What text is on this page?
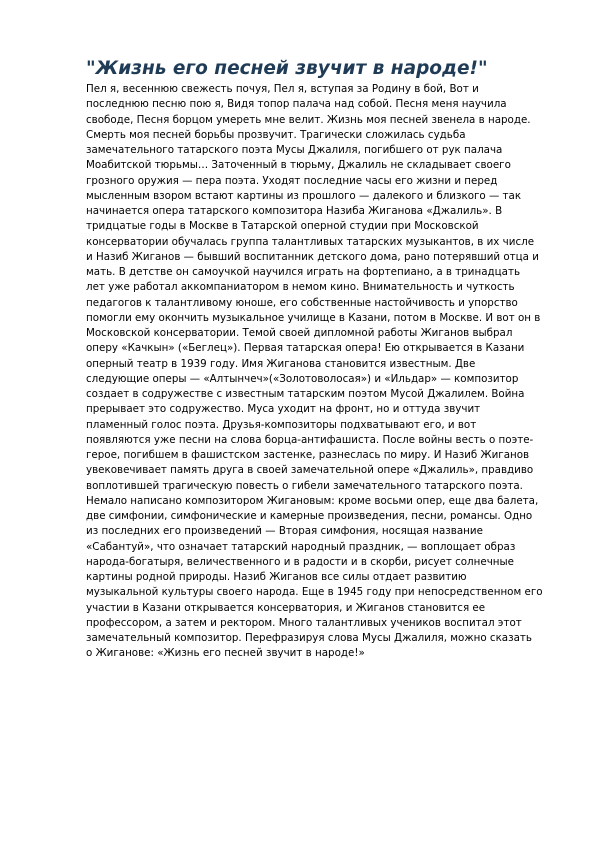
"Жизнь его песней звучит в народе!"

Пел я, весеннюю свежесть почуя, Пел я, вступая за Родину в бой, Вот и
последнюю песню пою я, Видя топор палача над собой. Песня меня научила
свободе, Песня борцом умереть мне велит. Жизнь моя песней звенела в народе.
Смерть моя песней борьбы прозвучит. Трагически сложилась судьба
замечательного татарского поэта Мусы Джалиля, погибшего от рук палача
Моабитской тюрьмы… Заточенный в тюрьму, Джалиль не складывает своего
грозного оружия — пера поэта. Уходят последние часы его жизни и перед
мысленным взором встают картины из прошлого — далекого и близкого — так
начинается опера татарского композитора Назиба Жиганова «Джалиль». В
тридцатые годы в Москве в Татарской оперной студии при Московской
консерватории обучалась группа талантливых татарских музыкантов, в их числе
и Назиб Жиганов — бывший воспитанник детского дома, рано потерявший отца и
мать. В детстве он самоучкой научился играть на фортепиано, а в тринадцать
лет уже работал аккомпаниатором в немом кино. Внимательность и чуткость
педагогов к талантливому юноше, его собственные настойчивость и упорство
помогли ему окончить музыкальное училище в Казани, потом в Москве. И вот он в
Московской консерватории. Темой своей дипломной работы Жиганов выбрал
оперу «Качкын» («Беглец»). Первая татарская опера! Ею открывается в Казани
оперный театр в 1939 году. Имя Жиганова становится известным. Две
следующие оперы — «Алтынчеч»(«Золотоволосая») и «Ильдар» — композитор
создает в содружестве с известным татарским поэтом Мусой Джалилем. Война
прерывает это содружество. Муса уходит на фронт, но и оттуда звучит
пламенный голос поэта. Друзья-композиторы подхватывают его, и вот
появляются уже песни на слова борца-антифашиста. После войны весть о поэте-
герое, погибшем в фашистском застенке, разнеслась по миру. И Назиб Жиганов
увековечивает память друга в своей замечательной опере «Джалиль», правдиво
воплотившей трагическую повесть о гибели замечательного татарского поэта.
Немало написано композитором Жигановым: кроме восьми опер, еще два балета,
две симфонии, симфонические и камерные произведения, песни, романсы. Одно
из последних его произведений — Вторая симфония, носящая название
«Сабантуй», что означает татарский народный праздник, — воплощает образ
народа-богатыря, величественного и в радости и в скорби, рисует солнечные
картины родной природы. Назиб Жиганов все силы отдает развитию
музыкальной культуры своего народа. Еще в 1945 году при непосредственном его
участии в Казани открывается консерватория, и Жиганов становится ее
профессором, а затем и ректором. Много талантливых учеников воспитал этот
замечательный композитор. Перефразируя слова Мусы Джалиля, можно сказать
о Жиганове: «Жизнь его песней звучит в народе!»
